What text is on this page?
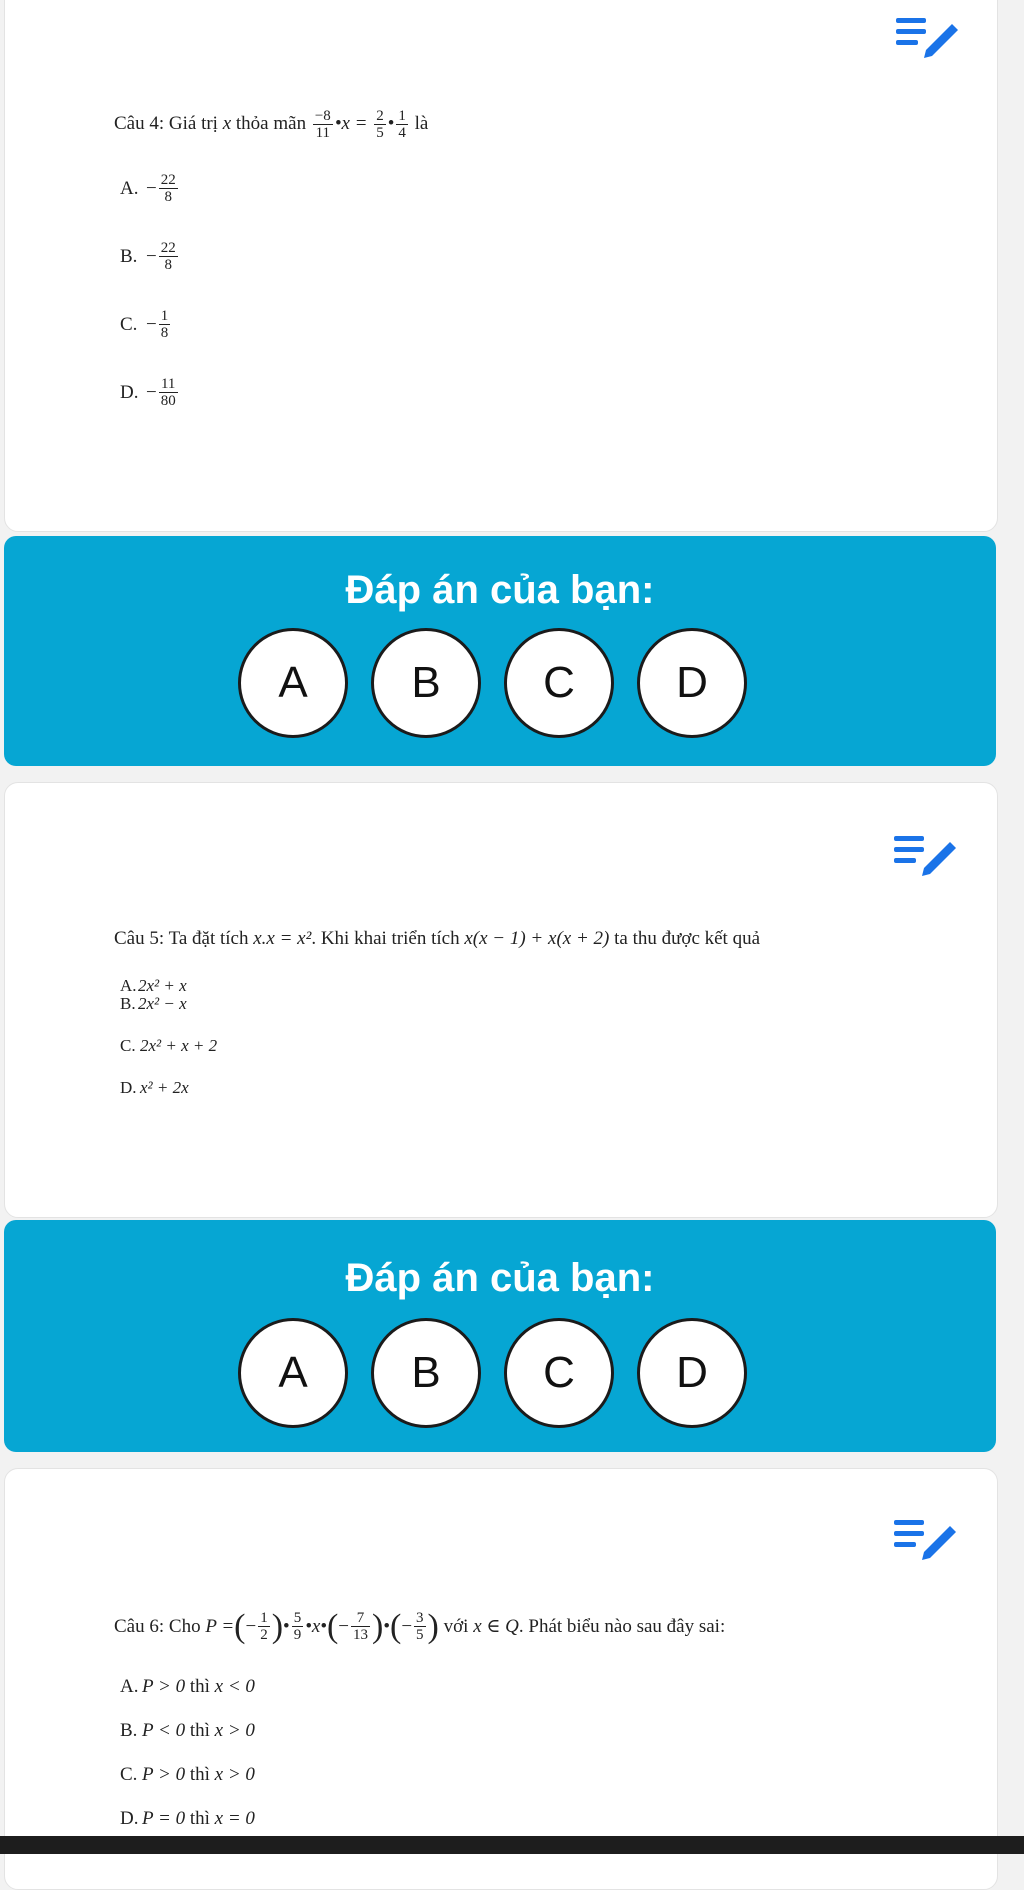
Câu 4: Giá trị x thỏa mãn $\frac{-8}{11}$ •x = $\frac{2}{5}$ • $\frac{1}{4}$ là
A. − $\frac{22}{8}$
B. − $\frac{22}{8}$
C. − $\frac{1}{8}$
D. − $\frac{11}{80}$
Đáp án của bạn:
A	B	C	D
Câu 5: Ta đặt tích x.x = x². Khi khai triển tích x(x − 1) + x(x + 2) ta thu được kết quả
A. 2x² + x
B. 2x² − x
C. 2x² + x + 2
D. x² + 2x
Đáp án của bạn:
A	B	C	D
Câu 6:
Cho
P = ( − $\frac{1}{2}$ ) • $\frac{5}{9}$ •x• ( − $\frac{7}{13}$ ) • ( − $\frac{3}{5}$ )
với
x ∈ Q . Phát biểu nào sau đây sai:
A. P > 0
thì
x < 0
B. P < 0
thì
x > 0
C. P > 0
thì
x > 0
D. P = 0
thì
x = 0
